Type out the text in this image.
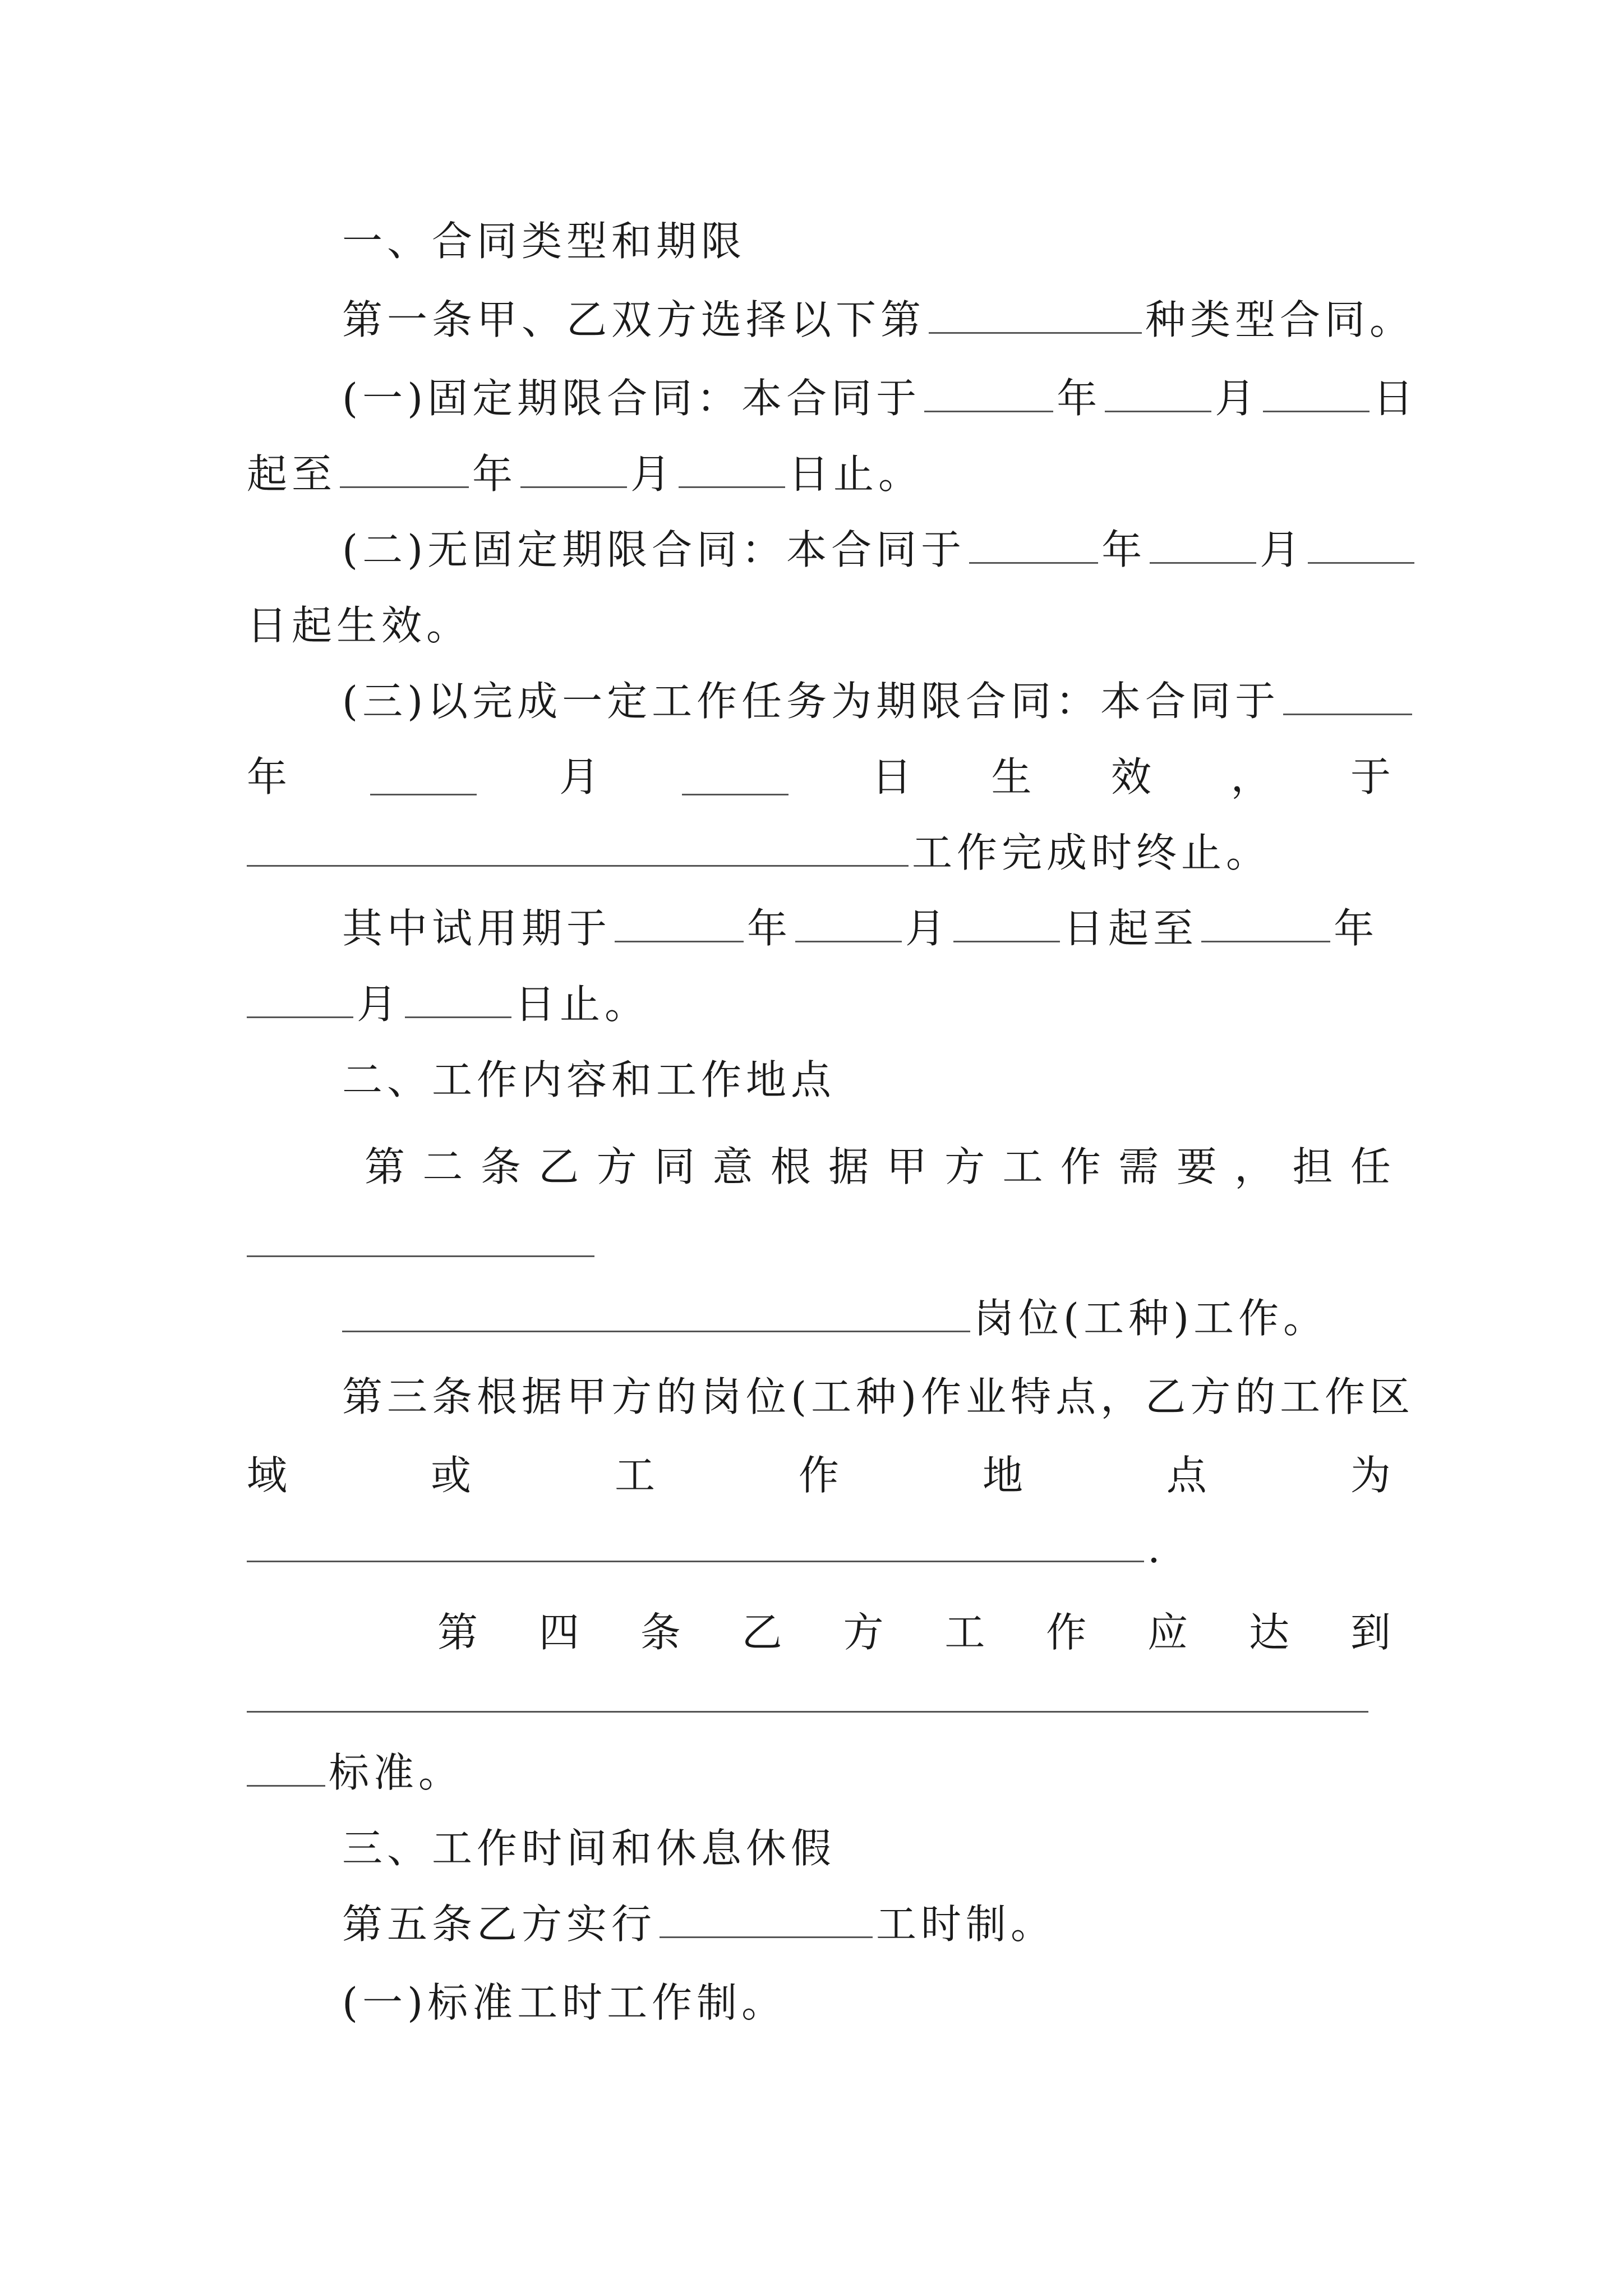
一、合同类型和期限
第一条甲、乙双方选择以下第	种类型合同。
(一)固定期限合同：本合同于	年	月	日
起至	年	月	日止。
(二)无固定期限合同：本合同于	年	月
日起生效。
(三)以完成一定工作任务为期限合同：本合同于
年	月	日 生 效 ， 于
工作完成时终止。
其中试用期于	年	月	日起至	年
月	日止。
二、工作内容和工作地点
第 二 条 乙 方 同 意 根 据 甲 方 工 作 需 要 ， 担 任
岗位(工种)工作。
第三条根据甲方的岗位(工种)作业特点，乙方的工作区
域	或	工	作	地	点	为
.
第 四 条 乙 方 工 作 应 达 到
标准。
三、工作时间和休息休假
第五条乙方实行	工时制。
(一)标准工时工作制。
